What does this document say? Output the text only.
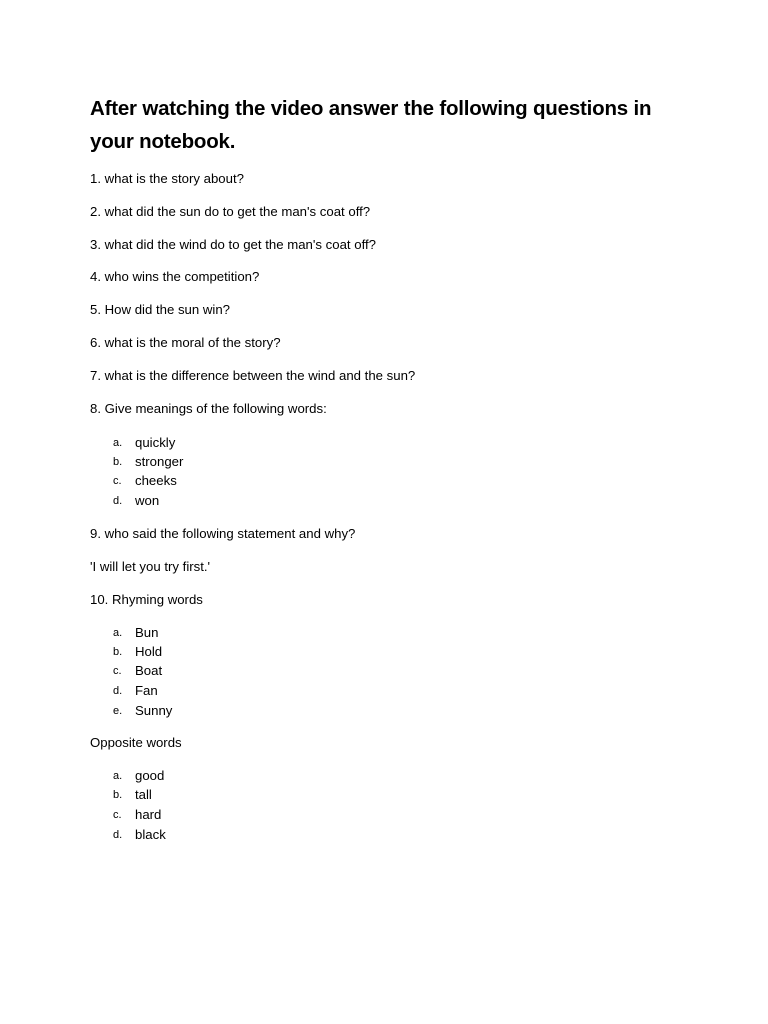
After watching the video answer the following questions in your notebook.
1. what is the story about?
2. what did the sun do to get the man's coat off?
3. what did the wind do to get the man's coat off?
4. who wins the competition?
5. How did the sun win?
6. what is the moral of the story?
7. what is the difference between the wind and the sun?
8. Give meanings of the following words:
a. quickly
b. stronger
c.	cheeks
d. won
9. who said the following statement and why?
'I will let you try first.'
10. Rhyming words
a. Bun
b. Hold
c.	Boat
d. Fan
e. Sunny
Opposite words
a. good
b. tall
c.	hard
d. black
